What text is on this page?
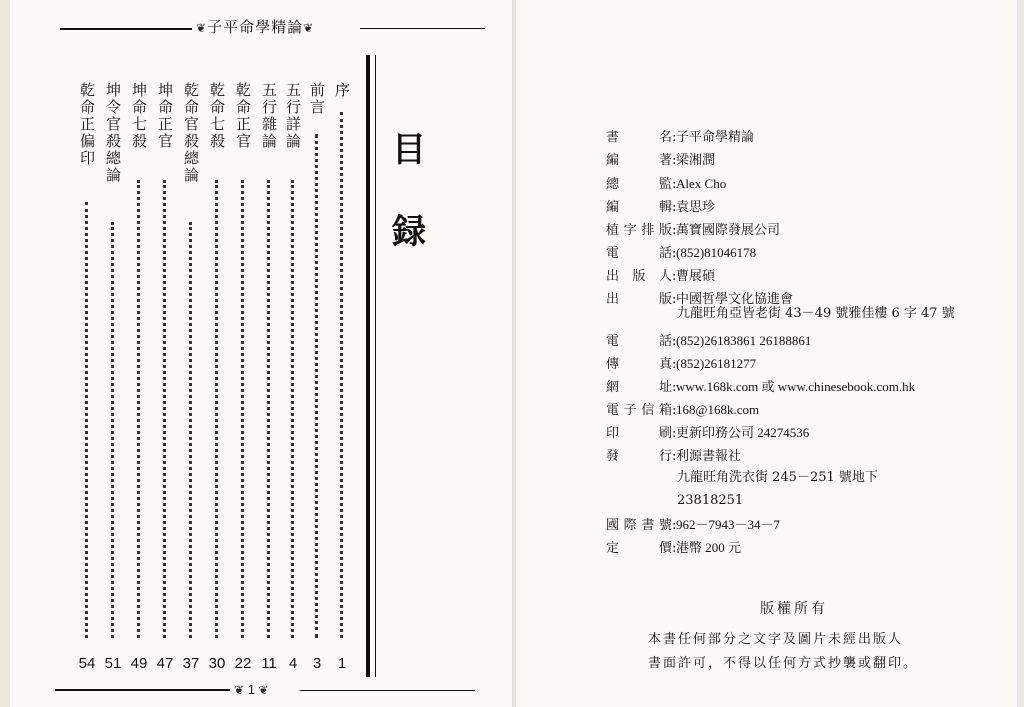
❦子平命學精論❦
序
1
前言
3
五行詳論
4
五行雜論
11
乾命正官
22
乾命七殺
30
乾命官殺總論
37
坤命正官
47
坤命七殺
49
坤令官殺總論
51
乾命正偏印
54
目
録
❦ 1 ❦
書名:子平命學精論
編著:梁湘潤
總監:Alex Cho
編輯:袁思珍
植字排版:萬寶國際發展公司
電話:(852)81046178
出版人:曹展碩
出版:中國哲學文化協進會
九龍旺角亞皆老街 43－49 號雅佳樓 6 字 47 號
電話:(852)26183861 26188861
傳真:(852)26181277
網址:www.168k.com 或 www.chinesebook.com.hk
電子信箱:168@168k.com
印刷:更新印務公司 24274536
發行:利源書報社
九龍旺角洗衣街 245－251 號地下
23818251
國際書號:962－7943－34－7
定價:港幣 200 元
版權所有
本書任何部分之文字及圖片未經出版人
書面許可，不得以任何方式抄襲或翻印。
